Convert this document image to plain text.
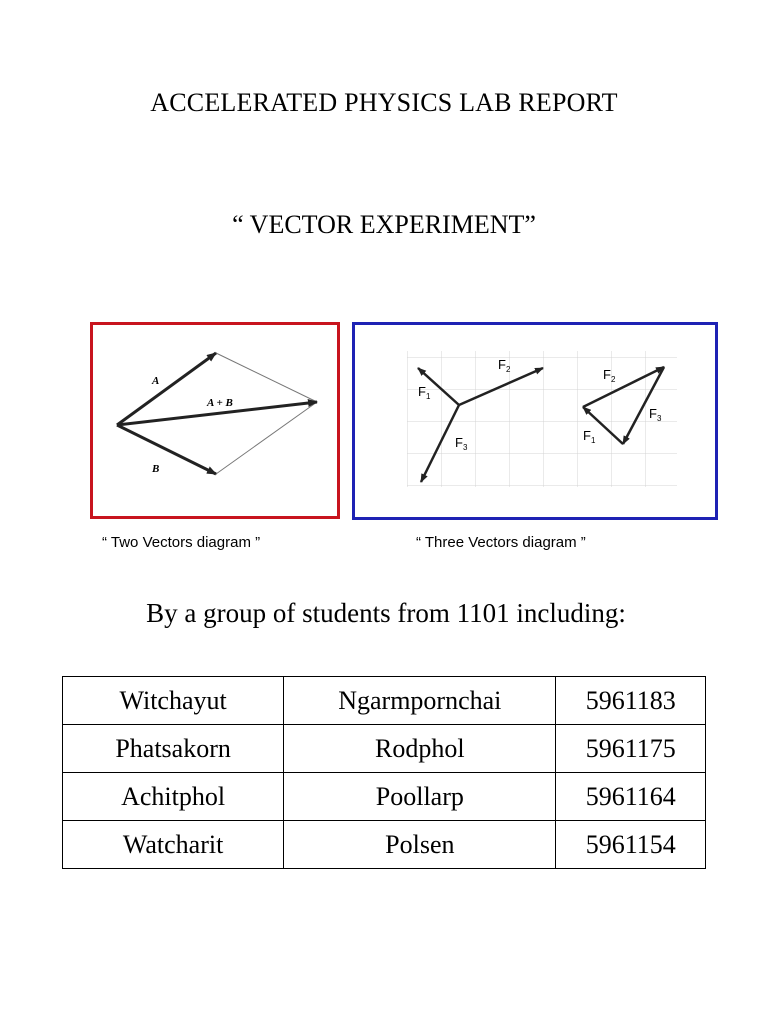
ACCELERATED PHYSICS LAB REPORT
“ VECTOR EXPERIMENT”
A
A + B
B
$F_1$
$F_2$
$F_3$
$F_1$
$F_2$
$F_3$
“ Two Vectors diagram ”	“ Three Vectors diagram ”
By a group of students from 1101 including:
Witchayut	Ngarmpornchai	5961183
Phatsakorn	Rodphol	5961175
Achitphol	Poollarp	5961164
Watcharit	Polsen	5961154
